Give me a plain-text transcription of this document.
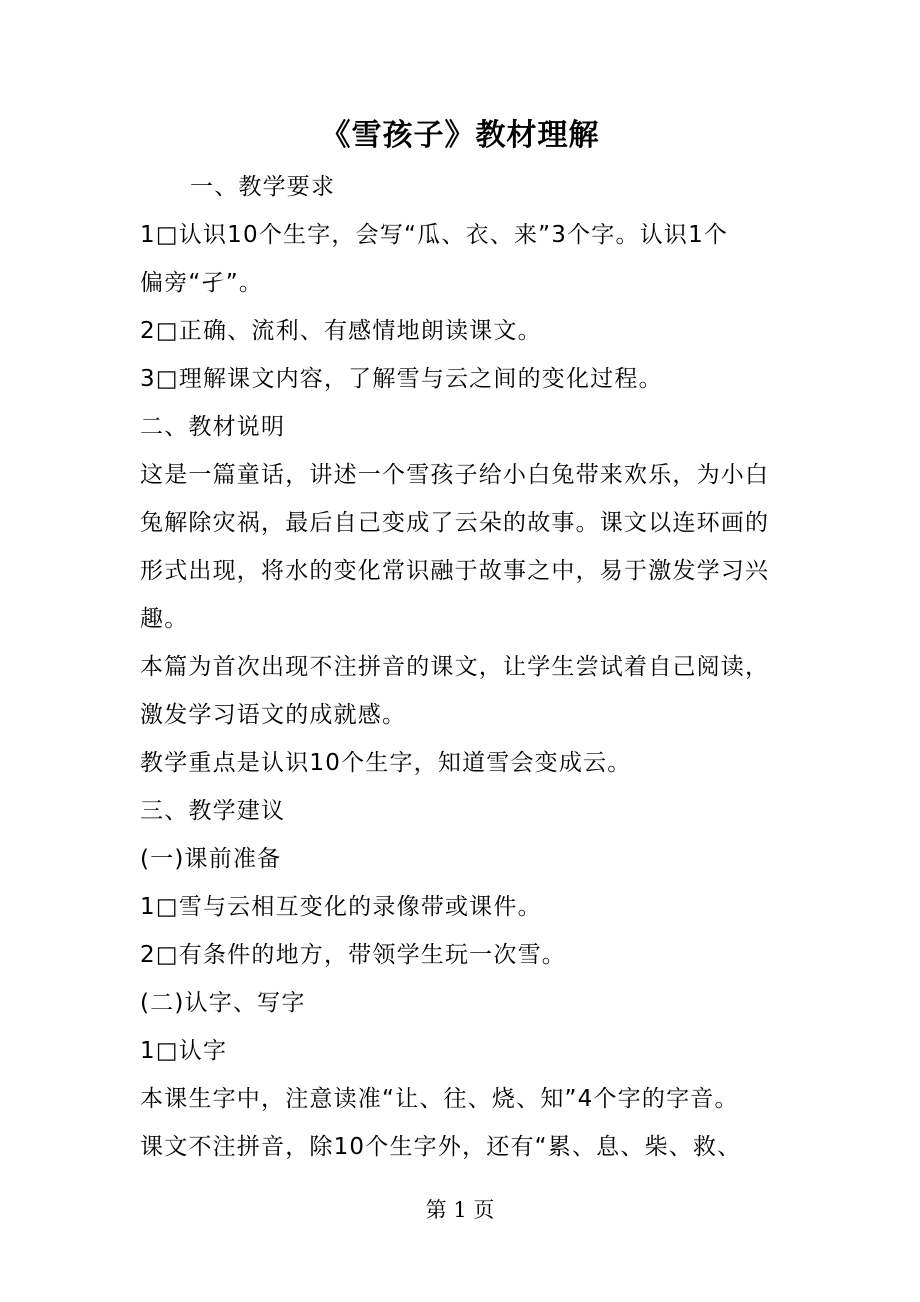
《雪孩子》教材理解
一、教学要求
1□认识10个生字，会写“瓜、衣、来”3个字。认识1个
偏旁“孑”。
2□正确、流利、有感情地朗读课文。
3□理解课文内容，了解雪与云之间的变化过程。
二、教材说明
这是一篇童话，讲述一个雪孩子给小白兔带来欢乐，为小白
兔解除灾祸，最后自己变成了云朵的故事。课文以连环画的
形式出现，将水的变化常识融于故事之中，易于激发学习兴
趣。
本篇为首次出现不注拼音的课文，让学生尝试着自己阅读，
激发学习语文的成就感。
教学重点是认识10个生字，知道雪会变成云。
三、教学建议
(一)课前准备
1□雪与云相互变化的录像带或课件。
2□有条件的地方，带领学生玩一次雪。
(二)认字、写字
1□认字
本课生字中，注意读准“让、往、烧、知”4个字的字音。
课文不注拼音，除10个生字外，还有“累、息、柴、救、
第 1 页
